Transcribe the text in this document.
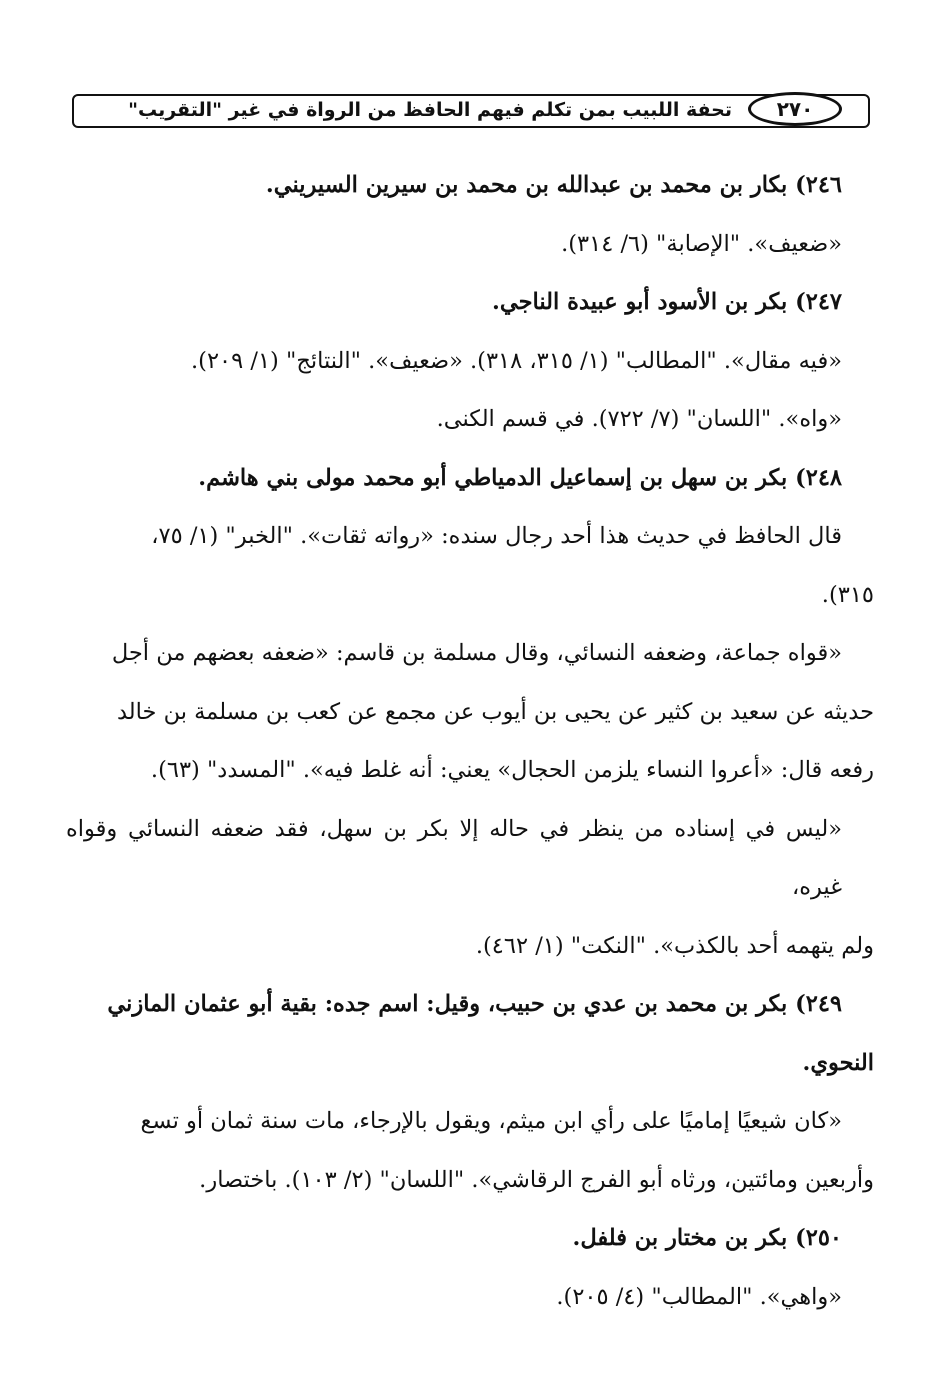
٢٧٠
تحفة اللبيب بمن تكلم فيهم الحافظ من الرواة في غير "التقريب"

٢٤٦) بكار بن محمد بن عبدالله بن محمد بن سيرين السيريني.

«ضعيف». "الإصابة" (٦/ ٣١٤).

٢٤٧) بكر بن الأسود أبو عبيدة الناجي.

«فيه مقال». "المطالب" (١/ ٣١٥، ٣١٨). «ضعيف». "النتائج" (١/ ٢٠٩).

«واه». "اللسان" (٧/ ٧٢٢). في قسم الكنى.

٢٤٨) بكر بن سهل بن إسماعيل الدمياطي أبو محمد مولى بني هاشم.

قال الحافظ في حديث هذا أحد رجال سنده: «رواته ثقات». "الخبر" (١/ ٧٥،

٣١٥).

«قواه جماعة، وضعفه النسائي، وقال مسلمة بن قاسم: «ضعفه بعضهم من أجل

حديثه عن سعيد بن كثير عن يحيى بن أيوب عن مجمع عن كعب بن مسلمة بن خالد

رفعه قال: «أعروا النساء يلزمن الحجال» يعني: أنه غلط فيه». "المسدد" (٦٣).

«ليس في إسناده من ينظر في حاله إلا بكر بن سهل، فقد ضعفه النسائي وقواه غيره،

ولم يتهمه أحد بالكذب». "النكت" (١/ ٤٦٢).

٢٤٩) بكر بن محمد بن عدي بن حبيب، وقيل: اسم جده: بقية أبو عثمان المازني

النحوي.

«كان شيعيًا إماميًا على رأي ابن ميثم، ويقول بالإرجاء، مات سنة ثمان أو تسع

وأربعين ومائتين، ورثاه أبو الفرج الرقاشي». "اللسان" (٢/ ١٠٣). باختصار.

٢٥٠) بكر بن مختار بن فلفل.

«واهي». "المطالب" (٤/ ٢٠٥).
